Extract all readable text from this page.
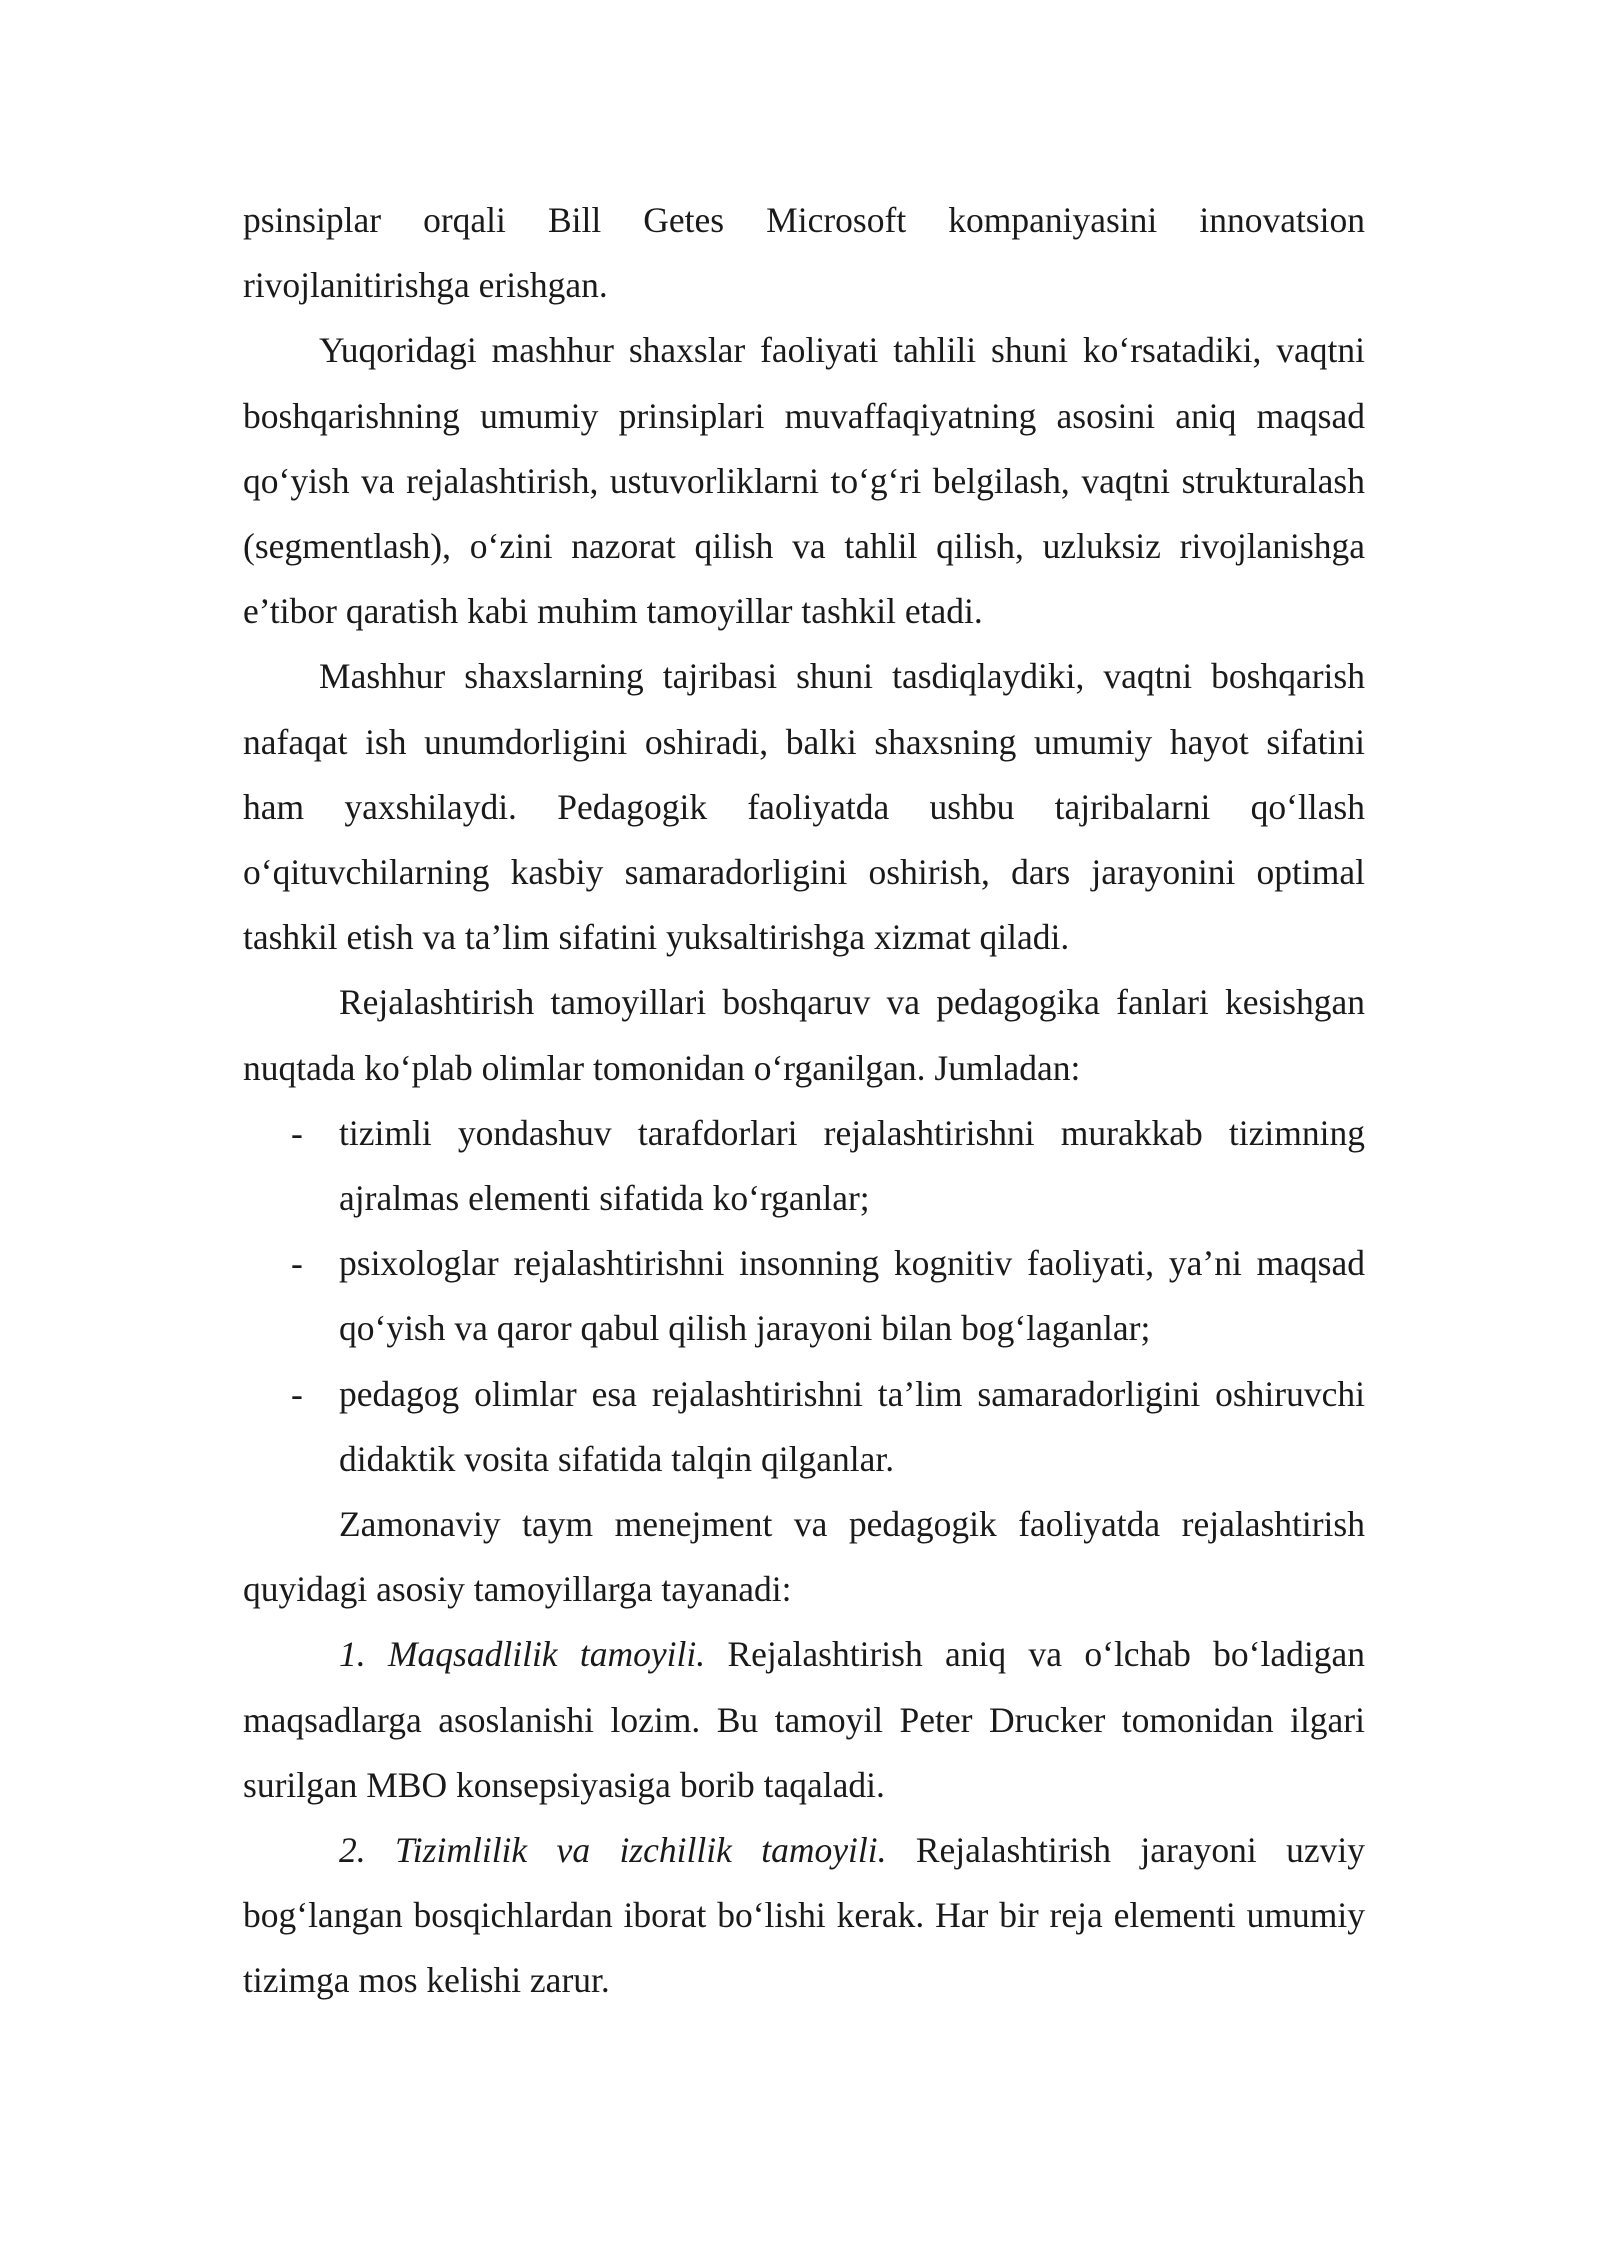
psinsiplar orqali Bill Getes Microsoft kompaniyasini innovatsion rivojlanitirishga erishgan.

Yuqoridagi mashhur shaxslar faoliyati tahlili shuni koʻrsatadiki, vaqtni boshqarishning umumiy prinsiplari muvaffaqiyatning asosini aniq maqsad qoʻyish va rejalashtirish, ustuvorliklarni toʻgʻri belgilash, vaqtni strukturalash (segmentlash), oʻzini nazorat qilish va tahlil qilish, uzluksiz rivojlanishga e’tibor qaratish kabi muhim tamoyillar tashkil etadi.

Mashhur shaxslarning tajribasi shuni tasdiqlaydiki, vaqtni boshqarish nafaqat ish unumdorligini oshiradi, balki shaxsning umumiy hayot sifatini ham yaxshilaydi. Pedagogik faoliyatda ushbu tajribalarni qoʻllash oʻqituvchilarning kasbiy samaradorligini oshirish, dars jarayonini optimal tashkil etish va ta’lim sifatini yuksaltirishga xizmat qiladi.

Rejalashtirish tamoyillari boshqaruv va pedagogika fanlari kesishgan nuqtada koʻplab olimlar tomonidan oʻrganilgan. Jumladan:

- tizimli yondashuv tarafdorlari rejalashtirishni murakkab tizimning ajralmas elementi sifatida koʻrganlar;
- psixologlar rejalashtirishni insonning kognitiv faoliyati, ya’ni maqsad qoʻyish va qaror qabul qilish jarayoni bilan bogʻlaganlar;
- pedagog olimlar esa rejalashtirishni ta’lim samaradorligini oshiruvchi didaktik vosita sifatida talqin qilganlar.

Zamonaviy taym menejment va pedagogik faoliyatda rejalashtirish quyidagi asosiy tamoyillarga tayanadi:

1. Maqsadlilik tamoyili. Rejalashtirish aniq va oʻlchab boʻladigan maqsadlarga asoslanishi lozim. Bu tamoyil Peter Drucker tomonidan ilgari surilgan MBO konsepsiyasiga borib taqaladi.

2. Tizimlilik va izchillik tamoyili. Rejalashtirish jarayoni uzviy bogʻlangan bosqichlardan iborat boʻlishi kerak. Har bir reja elementi umumiy tizimga mos kelishi zarur.
